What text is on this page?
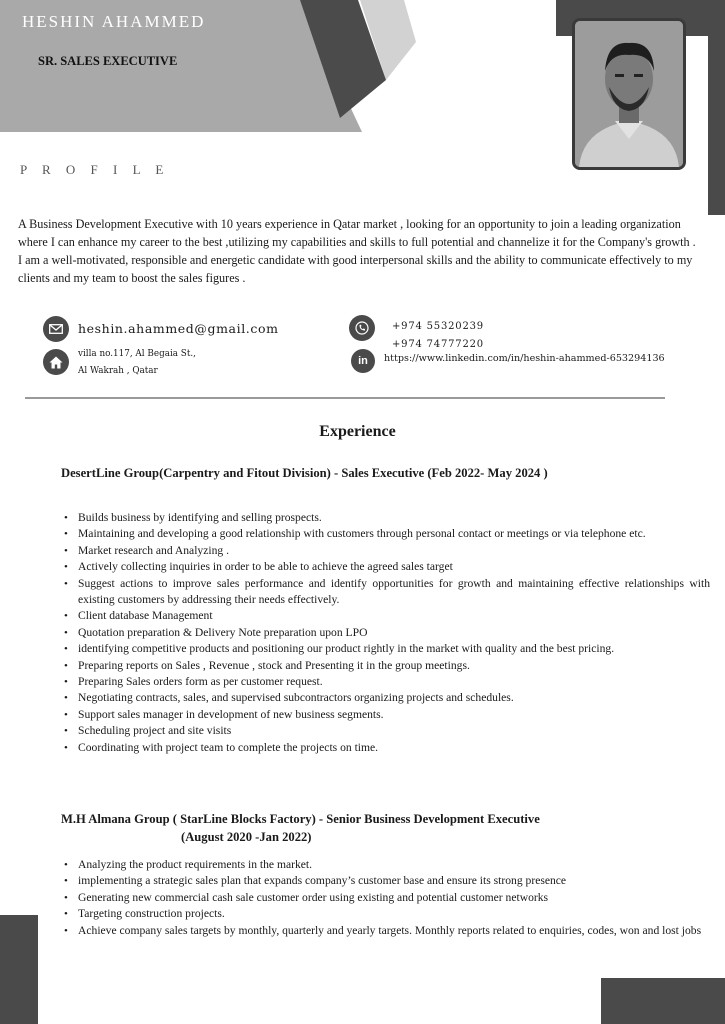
HESHIN AHAMMED
SR. SALES EXECUTIVE
P R O F I L E

A Business Development Executive with 10 years experience in Qatar market , looking for an opportunity to join a leading organization where I can enhance my career to the best ,utilizing my capabilities and skills to full potential and channelize it for the Company's growth .

I am a well-motivated, responsible and energetic candidate with good interpersonal skills and the ability to communicate effectively to my clients and my team to boost the sales figures .

heshin.ahammed@gmail.com	+974 55320239
+974 74777220
villa no.117, Al Begaia St.,
Al Wakrah , Qatar
in https://www.linkedin.com/in/heshin-ahammed-653294136
Experience
DesertLine Group(Carpentry and Fitout Division) - Sales Executive (Feb 2022- May 2024 )
• Builds business by identifying and selling prospects.
• Maintaining and developing a good relationship with customers through personal contact or meetings or via telephone etc.
• Market research and Analyzing .
• Actively collecting inquiries in order to be able to achieve the agreed sales target
• Suggest actions to improve sales performance and identify opportunities for growth and maintaining effective relationships with existing customers by addressing their needs effectively.
• Client database Management
• Quotation preparation & Delivery Note preparation upon LPO
• identifying competitive products and positioning our product rightly in the market with quality and the best pricing.
• Preparing reports on Sales , Revenue , stock and Presenting it in the group meetings.
• Preparing Sales orders form as per customer request.
• Negotiating contracts, sales, and supervised subcontractors organizing projects and schedules.
• Support sales manager in development of new business segments.
• Scheduling project and site visits
• Coordinating with project team to complete the projects on time.
M.H Almana Group ( StarLine Blocks Factory) - Senior Business Development Executive
(August 2020 -Jan 2022)
• Analyzing the product requirements in the market.
• implementing a strategic sales plan that expands company’s customer base and ensure its strong presence
• Generating new commercial cash sale customer order using existing and potential customer networks
• Targeting construction projects.
• Achieve company sales targets by monthly, quarterly and yearly targets. Monthly reports related to enquiries, codes, won and lost jobs
